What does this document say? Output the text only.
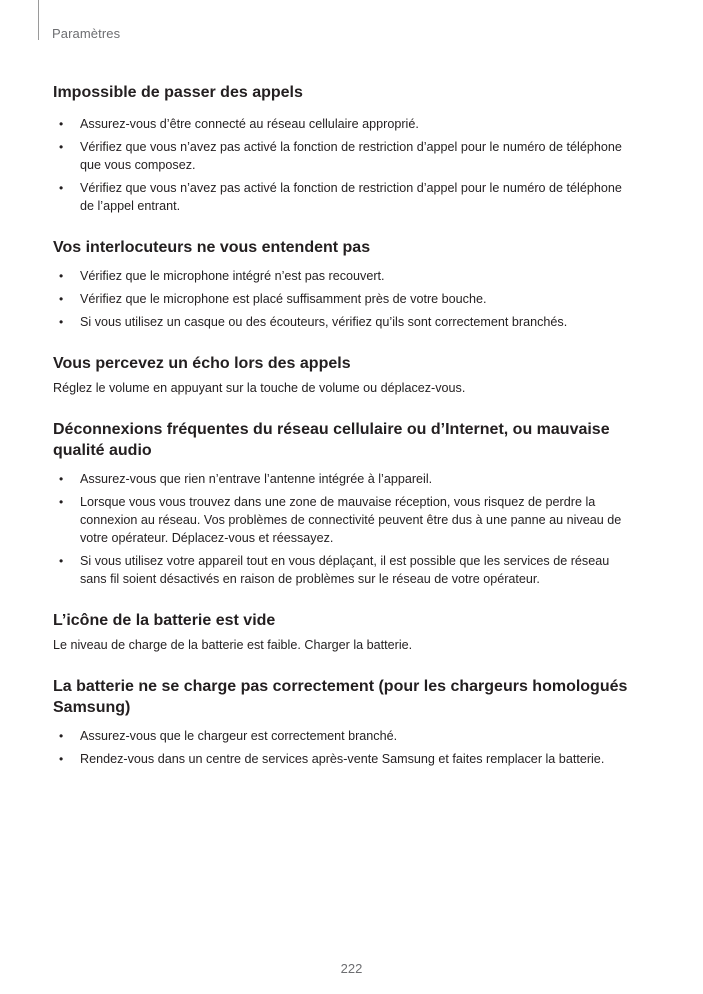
Paramètres
Impossible de passer des appels
• Assurez-vous d’être connecté au réseau cellulaire approprié.
• Vérifiez que vous n’avez pas activé la fonction de restriction d’appel pour le numéro de téléphone que vous composez.
• Vérifiez que vous n’avez pas activé la fonction de restriction d’appel pour le numéro de téléphone de l’appel entrant.
Vos interlocuteurs ne vous entendent pas
• Vérifiez que le microphone intégré n’est pas recouvert.
• Vérifiez que le microphone est placé suffisamment près de votre bouche.
• Si vous utilisez un casque ou des écouteurs, vérifiez qu’ils sont correctement branchés.
Vous percevez un écho lors des appels

Réglez le volume en appuyant sur la touche de volume ou déplacez-vous.

Déconnexions fréquentes du réseau cellulaire ou d’Internet, ou mauvaise qualité audio
• Assurez-vous que rien n’entrave l’antenne intégrée à l’appareil.
• Lorsque vous vous trouvez dans une zone de mauvaise réception, vous risquez de perdre la connexion au réseau. Vos problèmes de connectivité peuvent être dus à une panne au niveau de votre opérateur. Déplacez-vous et réessayez.
• Si vous utilisez votre appareil tout en vous déplaçant, il est possible que les services de réseau sans fil soient désactivés en raison de problèmes sur le réseau de votre opérateur.
L’icône de la batterie est vide

Le niveau de charge de la batterie est faible. Charger la batterie.

La batterie ne se charge pas correctement (pour les chargeurs homologués Samsung)
• Assurez-vous que le chargeur est correctement branché.
• Rendez-vous dans un centre de services après-vente Samsung et faites remplacer la batterie.
222
